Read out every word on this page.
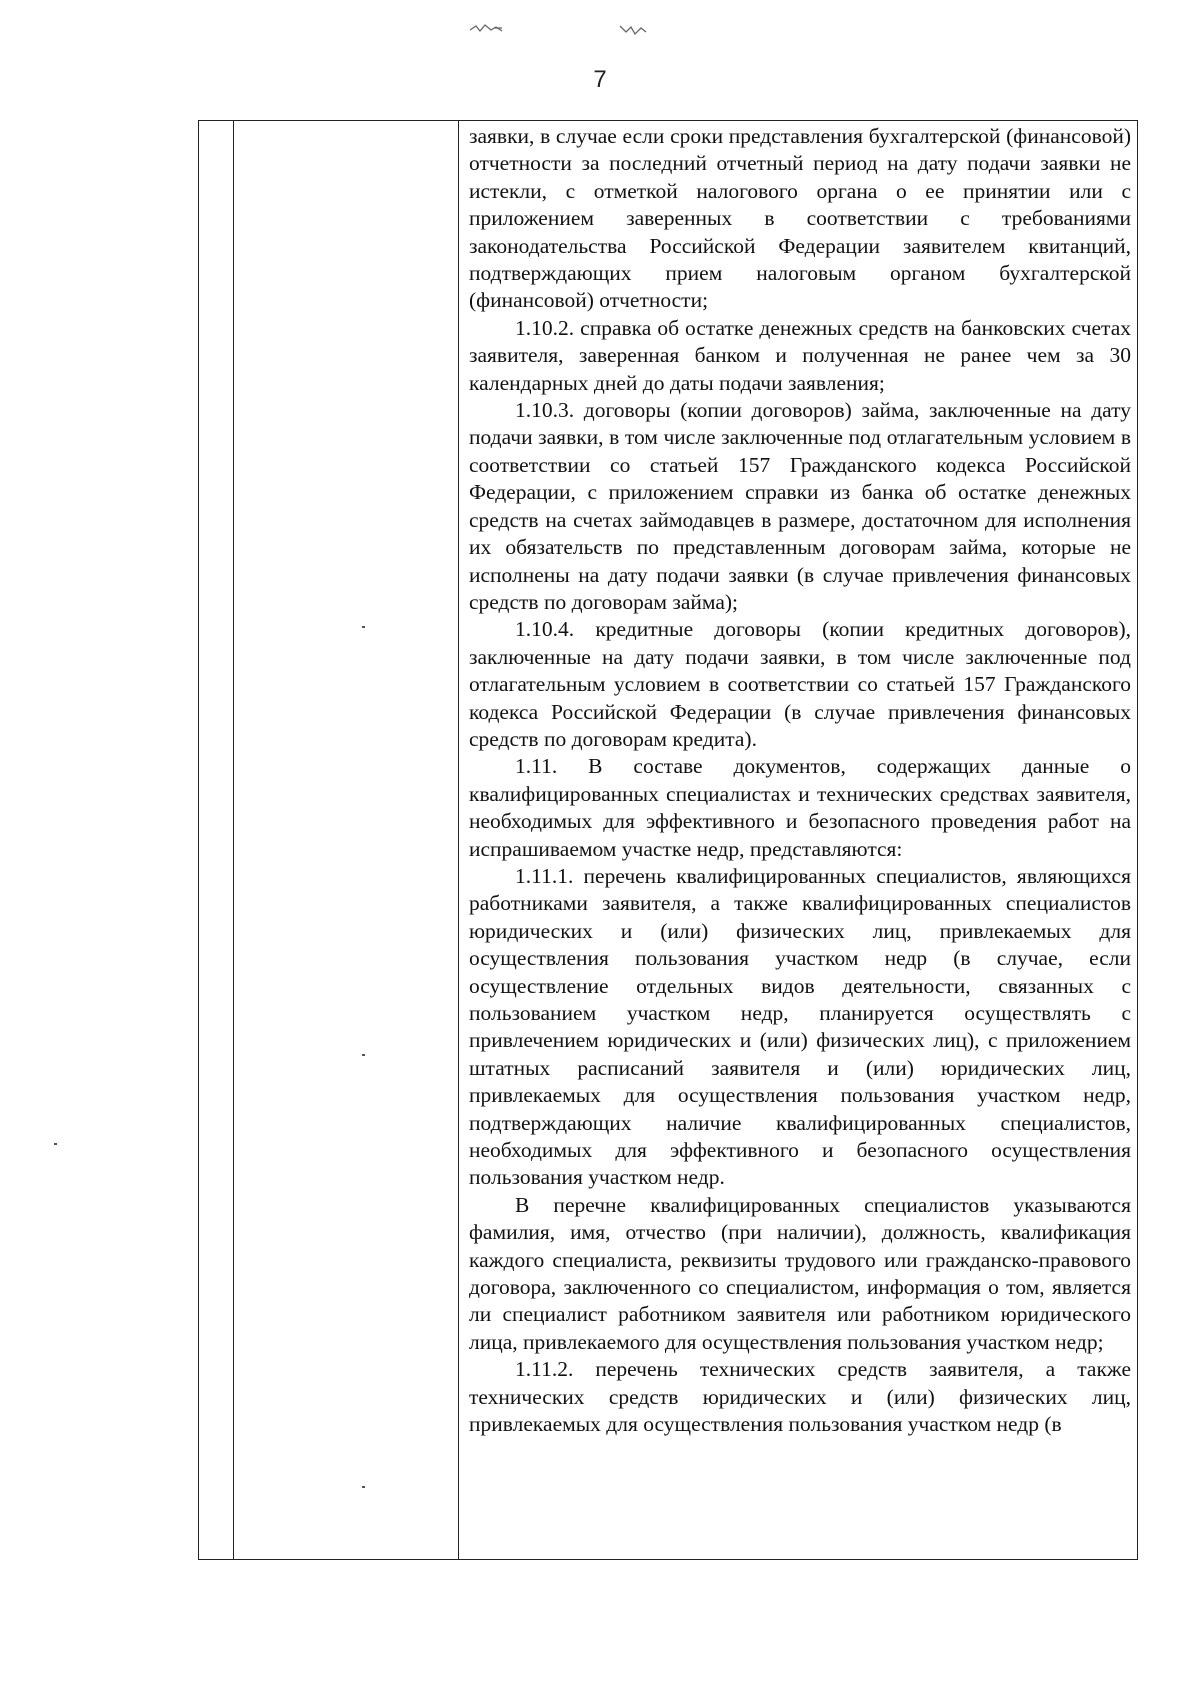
7

заявки, в случае если сроки представления бухгалтерской (финансовой) отчетности за последний отчетный период на дату подачи заявки не истекли, с отметкой налогового органа о ее принятии или с приложением заверенных в соответствии с требованиями законодательства Российской Федерации заявителем квитанций, подтверждающих прием налоговым органом бухгалтерской (финансовой) отчетности;

1.10.2. справка об остатке денежных средств на банковских счетах заявителя, заверенная банком и полученная не ранее чем за 30 календарных дней до даты подачи заявления;

1.10.3. договоры (копии договоров) займа, заключенные на дату подачи заявки, в том числе заключенные под отлагательным условием в соответствии со статьей 157 Гражданского кодекса Российской Федерации, с приложением справки из банка об остатке денежных средств на счетах займодавцев в размере, достаточном для исполнения их обязательств по представленным договорам займа, которые не исполнены на дату подачи заявки (в случае привлечения финансовых средств по договорам займа);

1.10.4. кредитные договоры (копии кредитных договоров), заключенные на дату подачи заявки, в том числе заключенные под отлагательным условием в соответствии со статьей 157 Гражданского кодекса Российской Федерации (в случае привлечения финансовых средств по договорам кредита).

1.11. В составе документов, содержащих данные о квалифицированных специалистах и технических средствах заявителя, необходимых для эффективного и безопасного проведения работ на испрашиваемом участке недр, представляются:

1.11.1. перечень квалифицированных специалистов, являющихся работниками заявителя, а также квалифицированных специалистов юридических и (или) физических лиц, привлекаемых для осуществления пользования участком недр (в случае, если осуществление отдельных видов деятельности, связанных с пользованием участком недр, планируется осуществлять с привлечением юридических и (или) физических лиц), с приложением штатных расписаний заявителя и (или) юридических лиц, привлекаемых для осуществления пользования участком недр, подтверждающих наличие квалифицированных специалистов, необходимых для эффективного и безопасного осуществления пользования участком недр.

В перечне квалифицированных специалистов указываются фамилия, имя, отчество (при наличии), должность, квалификация каждого специалиста, реквизиты трудового или гражданско-правового договора, заключенного со специалистом, информация о том, является ли специалист работником заявителя или работником юридического лица, привлекаемого для осуществления пользования участком недр;

1.11.2. перечень технических средств заявителя, а также технических средств юридических и (или) физических лиц, привлекаемых для осуществления пользования участком недр (в
